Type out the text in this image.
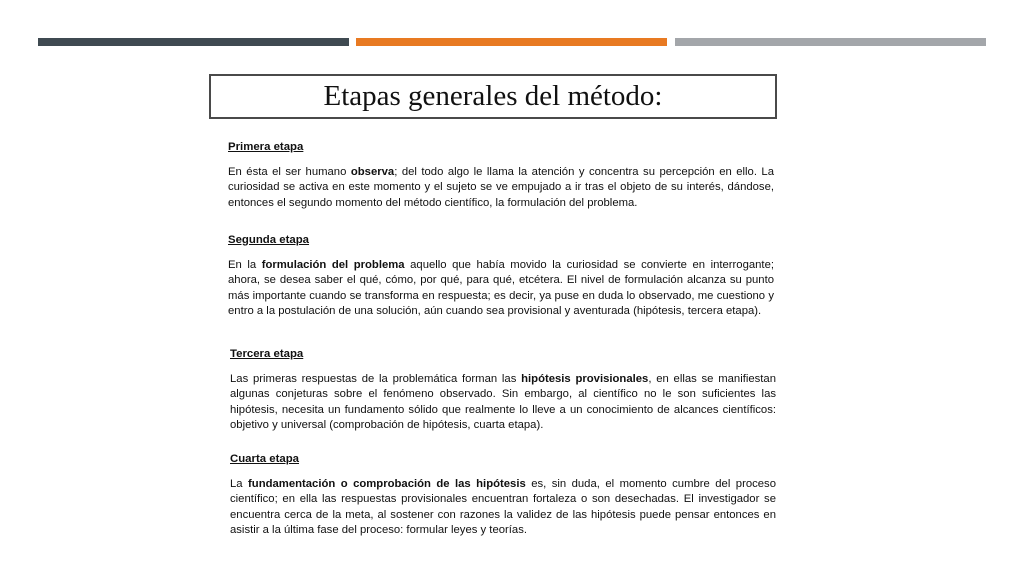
Etapas generales del método:

Primera etapa

En ésta el ser humano observa; del todo algo le llama la atención y concentra su percepción en ello. La curiosidad se activa en este momento y el sujeto se ve empujado a ir tras el objeto de su interés, dándose, entonces el segundo momento del método científico, la formulación del problema.

Segunda etapa

En la formulación del problema aquello que había movido la curiosidad se convierte en interrogante; ahora, se desea saber el qué, cómo, por qué, para qué, etcétera. El nivel de formulación alcanza su punto más importante cuando se transforma en respuesta; es decir, ya puse en duda lo observado, me cuestiono y entro a la postulación de una solución, aún cuando sea provisional y aventurada (hipótesis, tercera etapa).

Tercera etapa

Las primeras respuestas de la problemática forman las hipótesis provisionales, en ellas se manifiestan algunas conjeturas sobre el fenómeno observado. Sin embargo, al científico no le son suficientes las hipótesis, necesita un fundamento sólido que realmente lo lleve a un conocimiento de alcances científicos: objetivo y universal (comprobación de hipótesis, cuarta etapa).

Cuarta etapa

La fundamentación o comprobación de las hipótesis es, sin duda, el momento cumbre del proceso científico; en ella las respuestas provisionales encuentran fortaleza o son desechadas. El investigador se encuentra cerca de la meta, al sostener con razones la validez de las hipótesis puede pensar entonces en asistir a la última fase del proceso: formular leyes y teorías.
